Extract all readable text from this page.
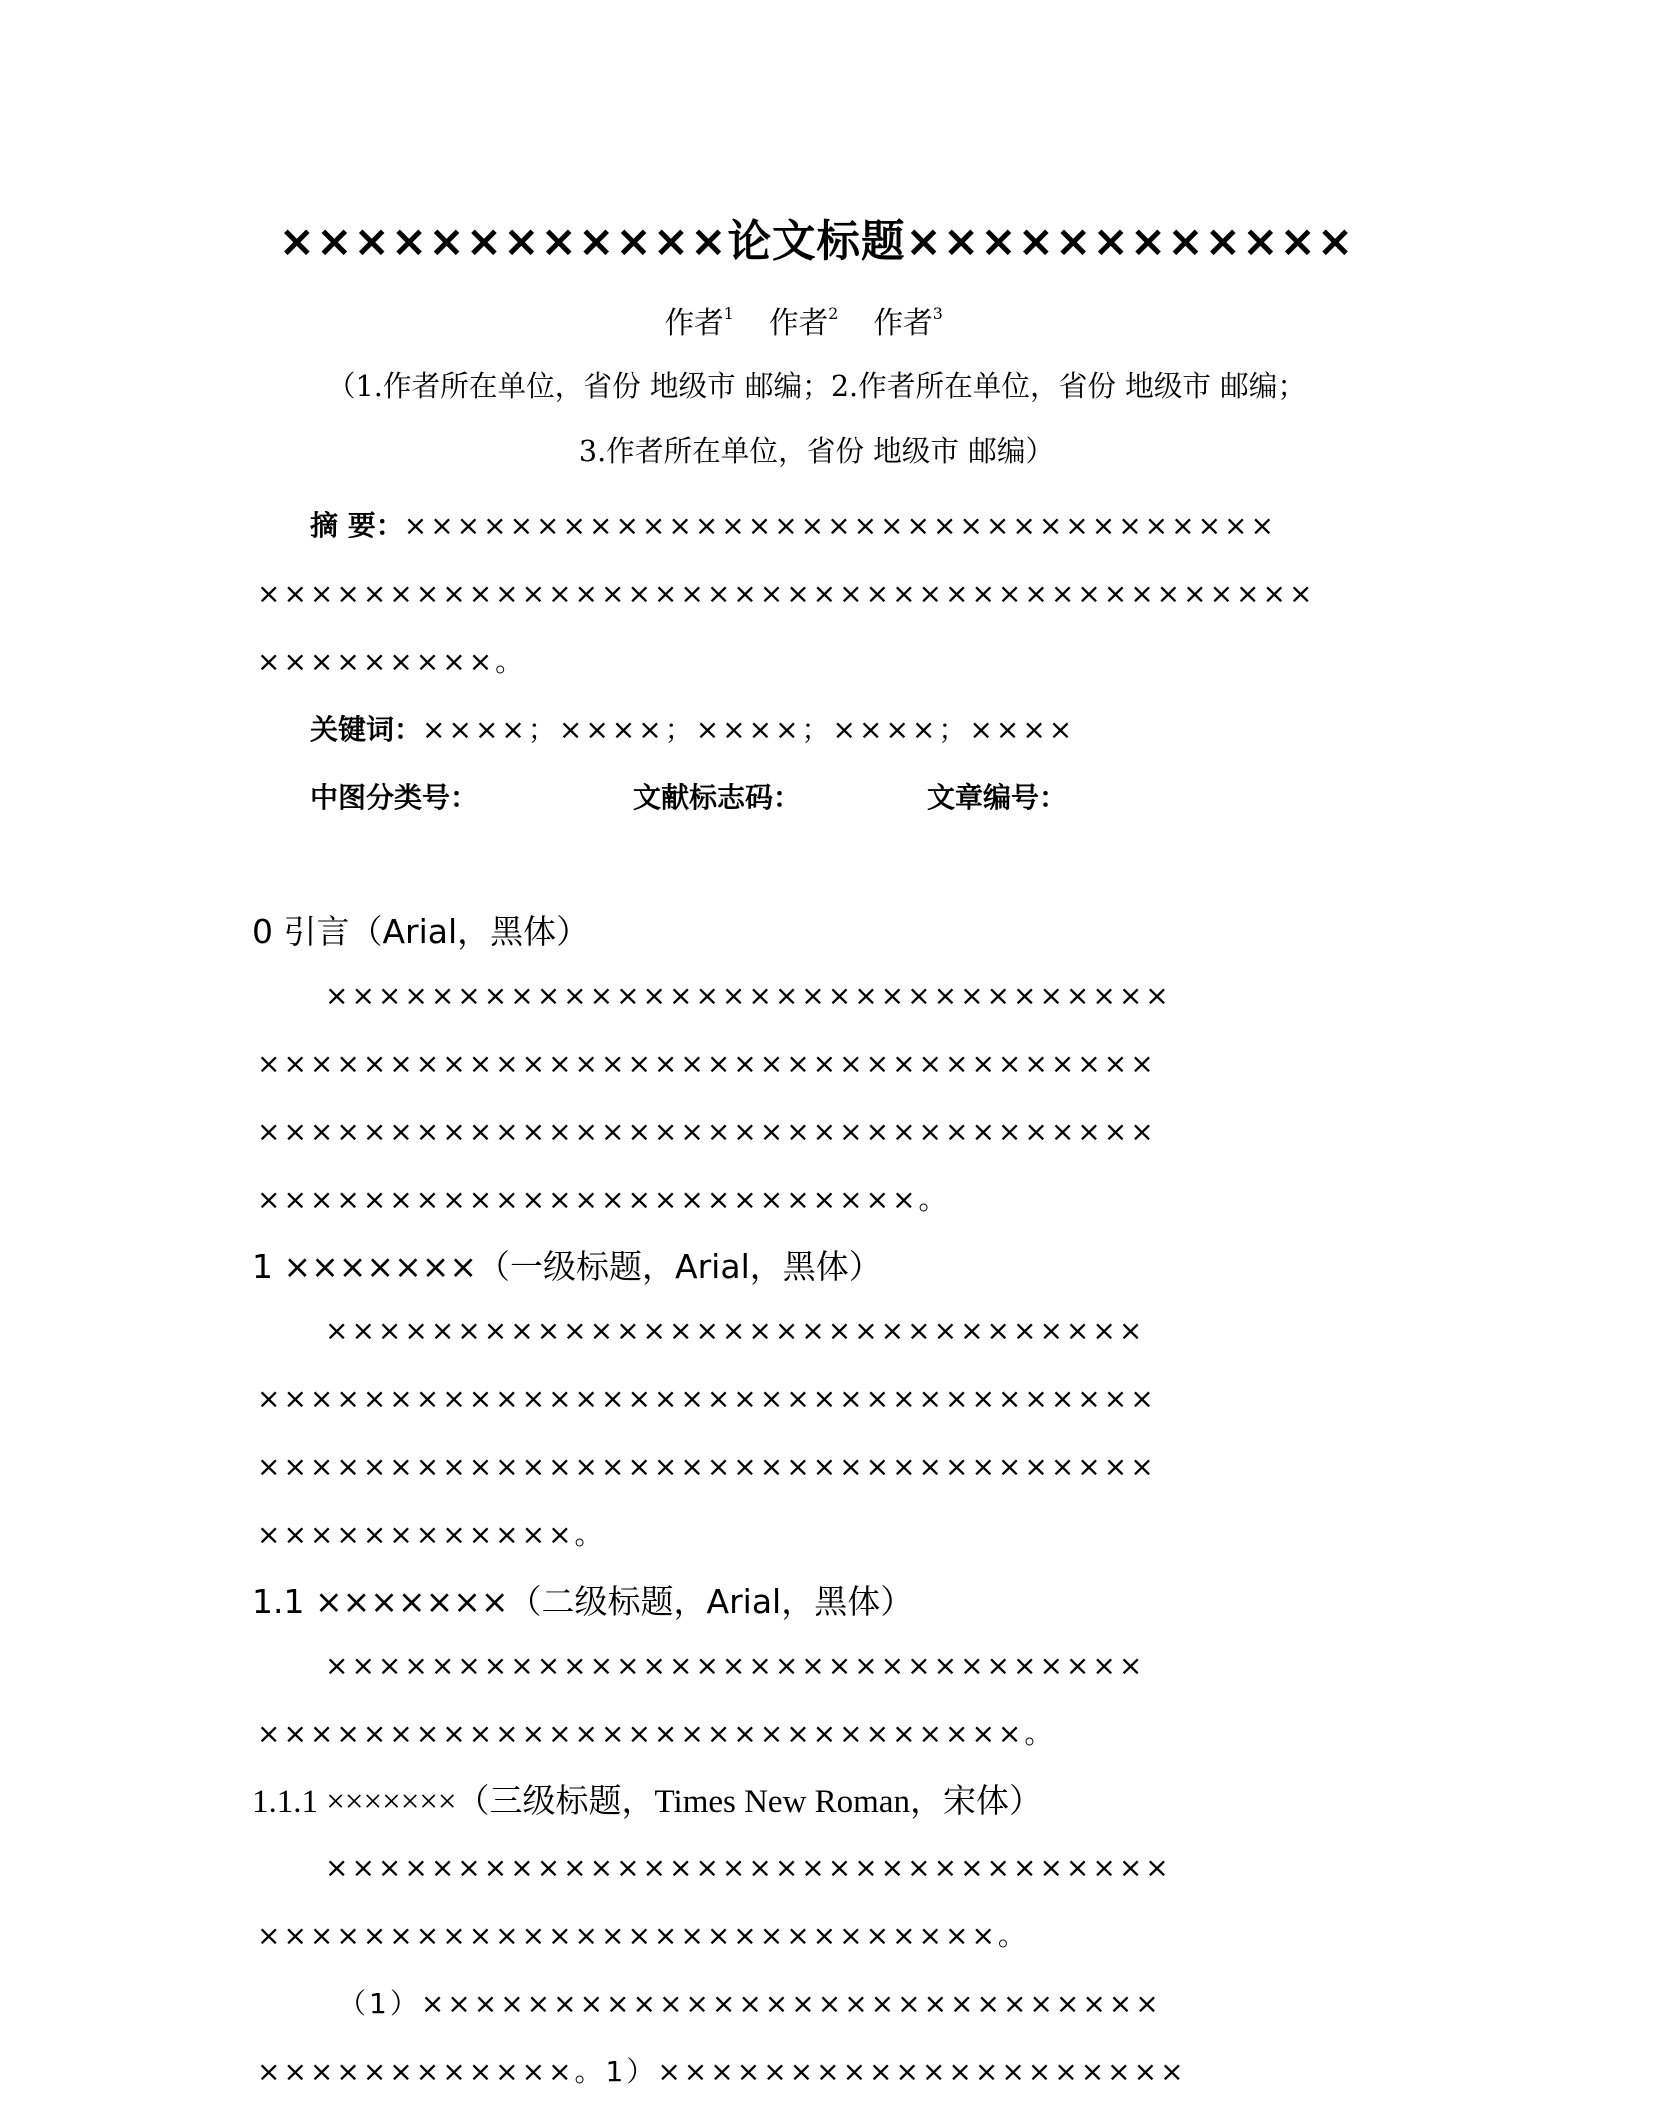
××××××××××××论文标题××××××××××××
作者$^1$ 作者$^2$ 作者$^3$
（1.作者所在单位，省份 地级市 邮编；2.作者所在单位，省份 地级市 邮编；
3.作者所在单位，省份 地级市 邮编）
摘 要：×××××××××××××××××××××××××××××××××
××××××××××××××××××××××××××××××××××××××××
×××××××××。
关键词：××××；××××；××××；××××；××××
中图分类号：	文献标志码：	文章编号：
0 引言（Arial，黑体）
××××××××××××××××××××××××××××××××
××××××××××××××××××××××××××××××××××
××××××××××××××××××××××××××××××××××
×××××××××××××××××××××××××。
1 ×××××××（一级标题，Arial，黑体）
×××××××××××××××××××××××××××××××
××××××××××××××××××××××××××××××××××
××××××××××××××××××××××××××××××××××
××××××××××××。
1.1 ×××××××（二级标题，Arial，黑体）
×××××××××××××××××××××××××××××××
×××××××××××××××××××××××××××××。
1.1.1 ×××××××（三级标题，Times New Roman，宋体）
××××××××××××××××××××××××××××××××
××××××××××××××××××××××××××××。
（1）××××××××××××××××××××××××××××
××××××××××××。1）××××××××××××××××××××
